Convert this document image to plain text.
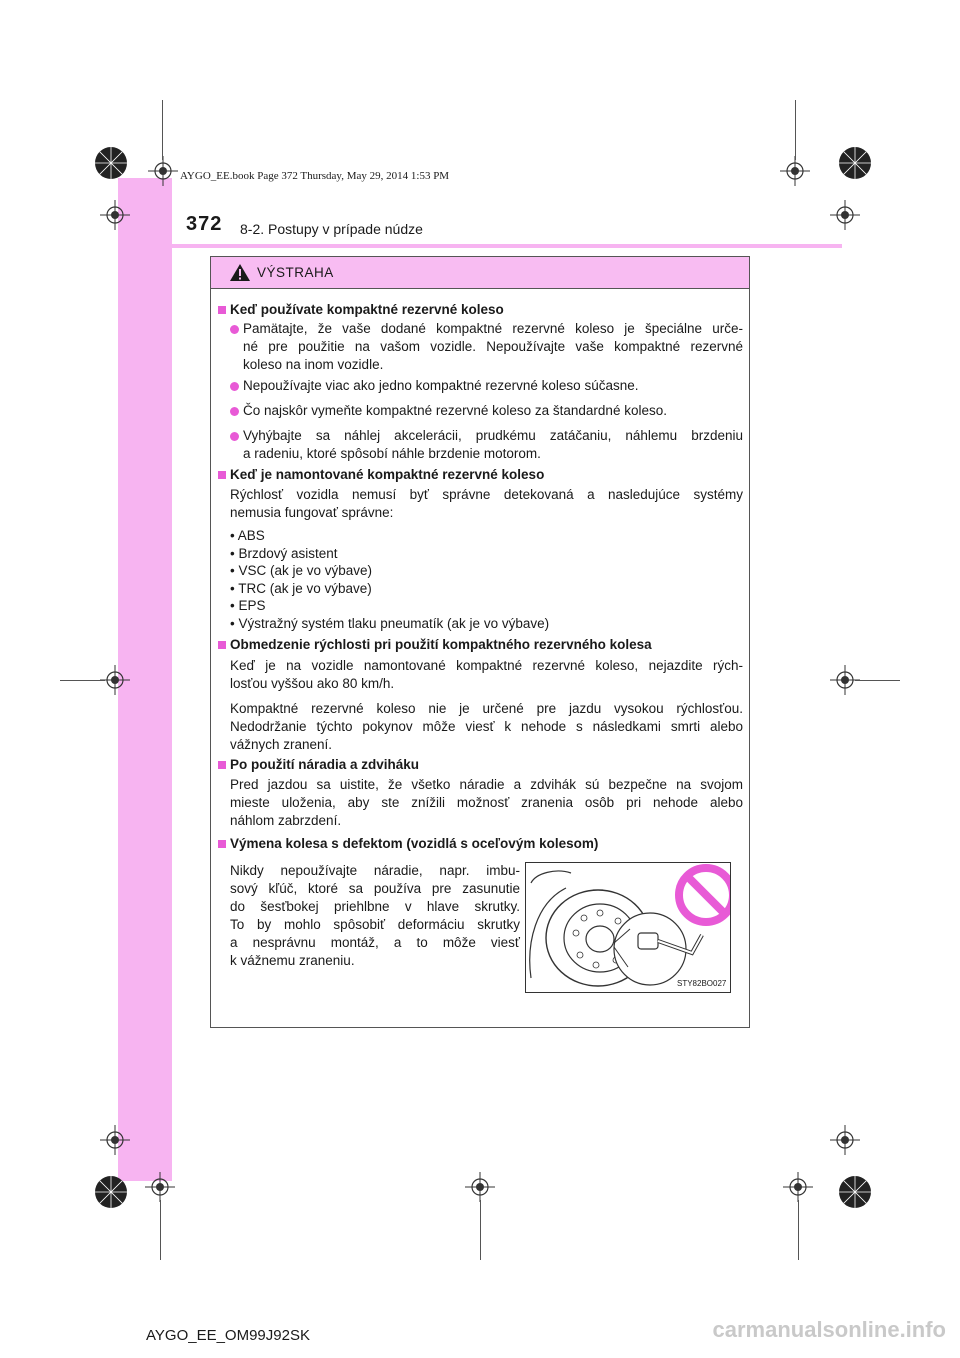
AYGO_EE.book Page 372 Thursday, May 29, 2014 1:53 PM
372 8-2. Postupy v prípade núdze
VÝSTRAHA
Keď používate kompaktné rezervné koleso
Pamätajte, že vaše dodané kompaktné rezervné koleso je špeciálne urče-
né pre použitie na vašom vozidle. Nepoužívajte vaše kompaktné rezervné
koleso na inom vozidle.
Nepoužívajte viac ako jedno kompaktné rezervné koleso súčasne.
Čo najskôr vymeňte kompaktné rezervné koleso za štandardné koleso.
Vyhýbajte sa náhlej akcelerácii, prudkému zatáčaniu, náhlemu brzdeniu
a radeniu, ktoré spôsobí náhle brzdenie motorom.
Keď je namontované kompaktné rezervné koleso
Rýchlosť vozidla nemusí byť správne detekovaná a nasledujúce systémy
nemusia fungovať správne:
• ABS
• Brzdový asistent
• VSC (ak je vo výbave)
• TRC (ak je vo výbave)
• EPS
• Výstražný systém tlaku pneumatík (ak je vo výbave)
Obmedzenie rýchlosti pri použití kompaktného rezervného kolesa
Keď je na vozidle namontované kompaktné rezervné koleso, nejazdite rých-
losťou vyššou ako 80 km/h.
Kompaktné rezervné koleso nie je určené pre jazdu vysokou rýchlosťou.
Nedodržanie týchto pokynov môže viesť k nehode s následkami smrti alebo
vážnych zranení.
Po použití náradia a zdviháku
Pred jazdou sa uistite, že všetko náradie a zdvihák sú bezpečne na svojom
mieste uloženia, aby ste znížili možnosť zranenia osôb pri nehode alebo
náhlom zabrzdení.
Výmena kolesa s defektom (vozidlá s oceľovým kolesom)
Nikdy nepoužívajte náradie, napr. imbu-
sový kľúč, ktoré sa používa pre zasunutie
do šesťbokej priehlbne v hlave skrutky.
To by mohlo spôsobiť deformáciu skrutky
a nesprávnu montáž, a to môže viesť
k vážnemu zraneniu.
STY82BO027
AYGO_EE_OM99J92SK	carmanualsonline.info
